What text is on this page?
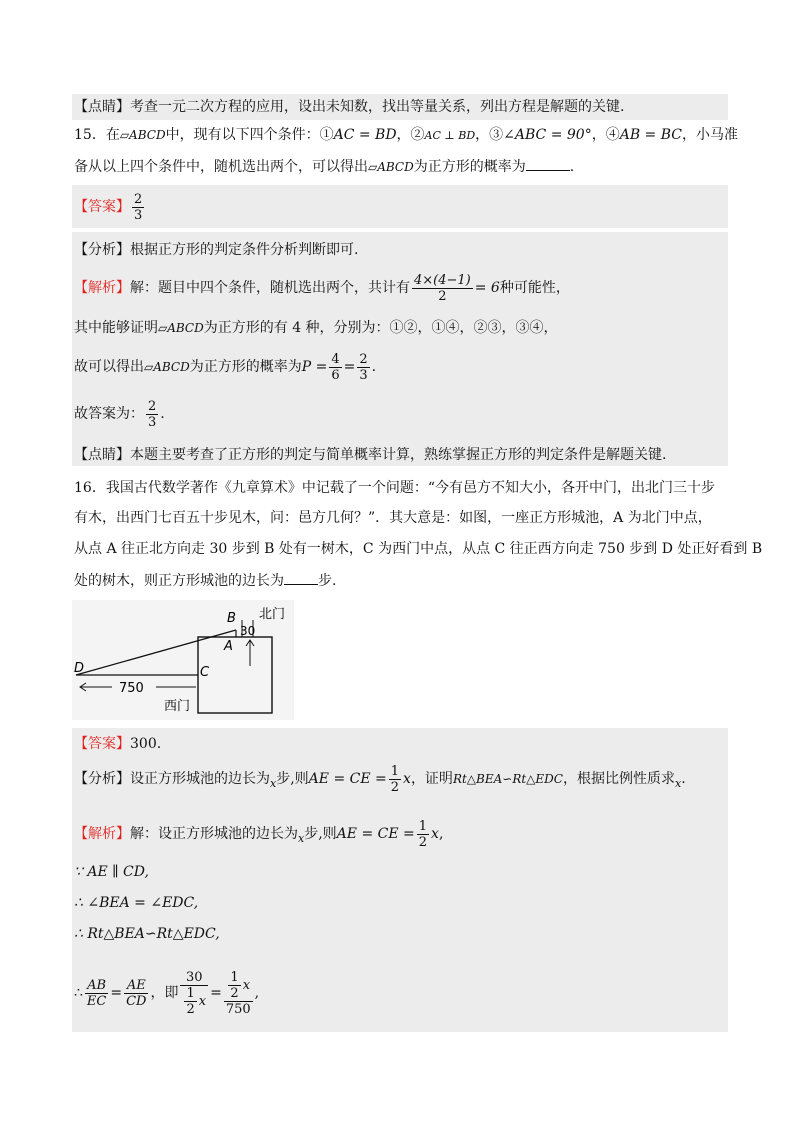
【点睛】考查一元二次方程的应用，设出未知数，找出等量关系，列出方程是解题的关键.
15．在▱ABCD中，现有以下四个条件：①AC = BD，②AC ⊥ BD，③∠ABC = 90°，④AB = BC，小马准
备从以上四个条件中，随机选出两个，可以得出▱ABCD为正方形的概率为	.
【答案】 $\frac{2}{3}$
【分析】根据正方形的判定条件分析判断即可.
【解析】解：题目中四个条件，随机选出两个，共计有 $\frac{4\times(4-1)}{2} = 6$种可能性，
其中能够证明▱ABCD为正方形的有 4 种，分别为：①②，①④，②③，③④，
故可以得出▱ABCD为正方形的概率为$P = \frac{4}{6} = \frac{2}{3}$ .
故答案为： $\frac{2}{3}$ .
【点睛】本题主要考查了正方形的判定与简单概率计算，熟练掌握正方形的判定条件是解题关键.
16．我国古代数学著作《九章算术》中记载了一个问题：“今有邑方不知大小，各开中门，出北门三十步
有木，出西门七百五十步见木，问：邑方几何？”．其大意是：如图，一座正方形城池，A 为北门中点，
从点 A 往正北方向走 30 步到 B 处有一树木，C 为西门中点，从点 C 往正西方向走 750 步到 D 处正好看到 B
处的树木，则正方形城池的边长为 步.
B
A
C
D
北门
30
750
西门
【答案】300.
【分析】设正方形城池的边长为$_x$步,则AE = CE = $\frac{1}{2}$ x，证明Rt△BEA∽Rt△EDC，根据比例性质求$_x$.
【解析】解：设正方形城池的边长为$_x$步,则AE = CE = $\frac{1}{2} x$,
∵ AE ∥ CD,
∴ ∠BEA = ∠EDC,
∴ Rt△BEA∽Rt△EDC,
∴ $\frac{AB}{EC} = \frac{AE}{CD}$ ，即 $\frac{30}{\frac{1}{2} x} = \frac{\frac{1}{2} x}{750}$ ,
